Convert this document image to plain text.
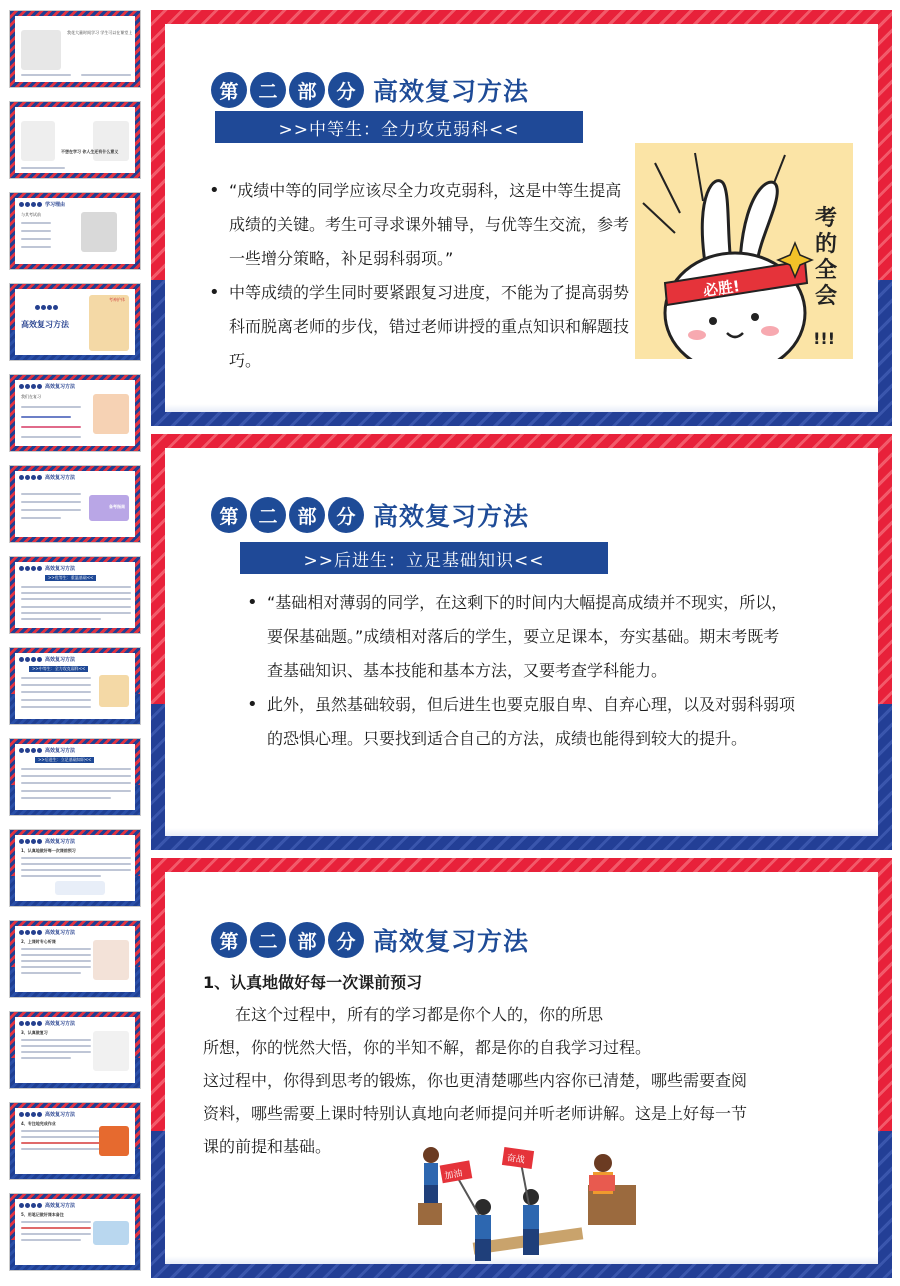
我花大量时间学习 学生可以在课堂上
不想在学习 你人生还有什么意义
学习理由
与其考试前
高效复习方法
考神护体
高效复习方法
我们在复习
高效复习方法
备考指南
高效复习方法
>>优等生：重温基础<<
高效复习方法
>>中等生：全力攻克弱科<<
高效复习方法
>>后进生：立足基础知识<<
高效复习方法
1、认真地做好每一次课前预习
高效复习方法
2、上课时专心听课
高效复习方法
3、认真做复习
高效复习方法
4、专注地完成作业
高效复习方法
5、用笔记做好课本备注
第	二	部	分 高效复习方法
>>中等生：全力攻克弱科<<
• “成绩中等的同学应该尽全力攻克弱科，这是中等生提高成绩的关键。考生可寻求课外辅导，与优等生交流，参考一些增分策略，补足弱科弱项。”
• 中等成绩的学生同时要紧跟复习进度，不能为了提高弱势科而脱离老师的步伐，错过老师讲授的重点知识和解题技巧。
必胜!
考的全会
!!!
第	二	部	分 高效复习方法
>>后进生：立足基础知识<<
• “基础相对薄弱的同学，在这剩下的时间内大幅提高成绩并不现实，所以，要保基础题。”成绩相对落后的学生，要立足课本，夯实基础。期末考既考查基础知识、基本技能和基本方法，又要考查学科能力。
• 此外，虽然基础较弱，但后进生也要克服自卑、自弃心理，以及对弱科弱项的恐惧心理。只要找到适合自己的方法，成绩也能得到较大的提升。
第	二	部	分 高效复习方法
1、认真地做好每一次课前预习
在这个过程中，所有的学习都是你个人的，你的所思
所想，你的恍然大悟，你的半知不解，都是你的自我学习过程。
这过程中，你得到思考的锻炼，你也更清楚哪些内容你已清楚，哪些需要查阅
资料，哪些需要上课时特别认真地向老师提问并听老师讲解。这是上好每一节
课的前提和基础。
加油
奋战
